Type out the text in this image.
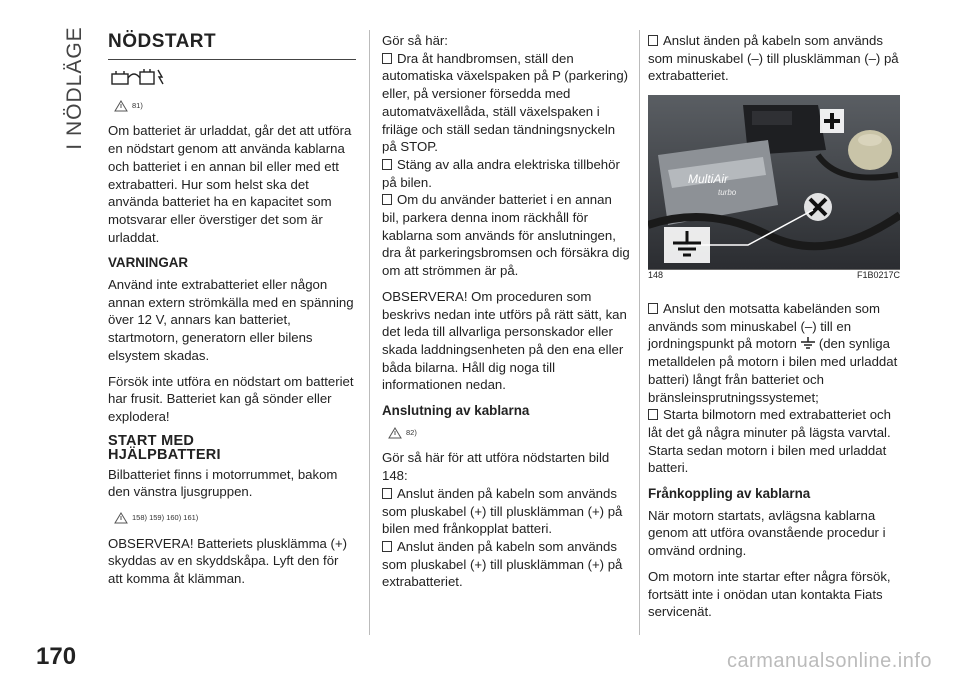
I NÖDLÄGE
170
NÖDSTART
81)

Om batteriet är urladdat, går det att utföra en nödstart genom att använda kablarna och batteriet i en annan bil eller med ett extrabatteri. Hur som helst ska det använda batteriet ha en kapacitet som motsvarar eller överstiger det som är urladdat.

VARNINGAR

Använd inte extrabatteriet eller någon annan extern strömkälla med en spänning över 12 V, annars kan batteriet, startmotorn, generatorn eller bilens elsystem skadas.

Försök inte utföra en nödstart om batteriet har frusit. Batteriet kan gå sönder eller explodera!

START MED
HJÄLPBATTERI

Bilbatteriet finns i motorrummet, bakom den vänstra ljusgruppen.

158) 159) 160) 161)

OBSERVERA! Batteriets plusklämma (+) skyddas av en skyddskåpa. Lyft den för att komma åt klämman.

Gör så här:

Dra åt handbromsen, ställ den automatiska växelspaken på P (parkering) eller, på versioner försedda med automatväxellåda, ställ växelspaken i friläge och ställ sedan tändningsnyckeln på STOP.

Stäng av alla andra elektriska tillbehör på bilen.

Om du använder batteriet i en annan bil, parkera denna inom räckhåll för kablarna som används för anslutningen, dra åt parkeringsbromsen och försäkra dig om att strömmen är på.

OBSERVERA! Om proceduren som beskrivs nedan inte utförs på rätt sätt, kan det leda till allvarliga personskador eller skada laddningsenheten på den ena eller båda bilarna. Håll dig noga till informationen nedan.

Anslutning av kablarna
82)

Gör så här för att utföra nödstarten bild 148:

Anslut änden på kabeln som används som pluskabel (+) till plusklämman (+) på bilen med frånkopplat batteri.

Anslut änden på kabeln som används som pluskabel (+) till plusklämman (+) på extrabatteriet.

Anslut änden på kabeln som används som minuskabel (–) till plusklämman (–) på extrabatteriet.

MultiAir
turbo
148	F1B0217C

Anslut den motsatta kabeländen som används som minuskabel (–) till en jordningspunkt på motorn (den synliga metalldelen på motorn i bilen med urladdat batteri) långt från batteriet och bränsleinsprutningssystemet;

Starta bilmotorn med extrabatteriet och låt det gå några minuter på lägsta varvtal. Starta sedan motorn i bilen med urladdat batteri.

Frånkoppling av kablarna

När motorn startats, avlägsna kablarna genom att utföra ovanstående procedur i omvänd ordning.

Om motorn inte startar efter några försök, fortsätt inte i onödan utan kontakta Fiats servicenät.

carmanualsonline.info
